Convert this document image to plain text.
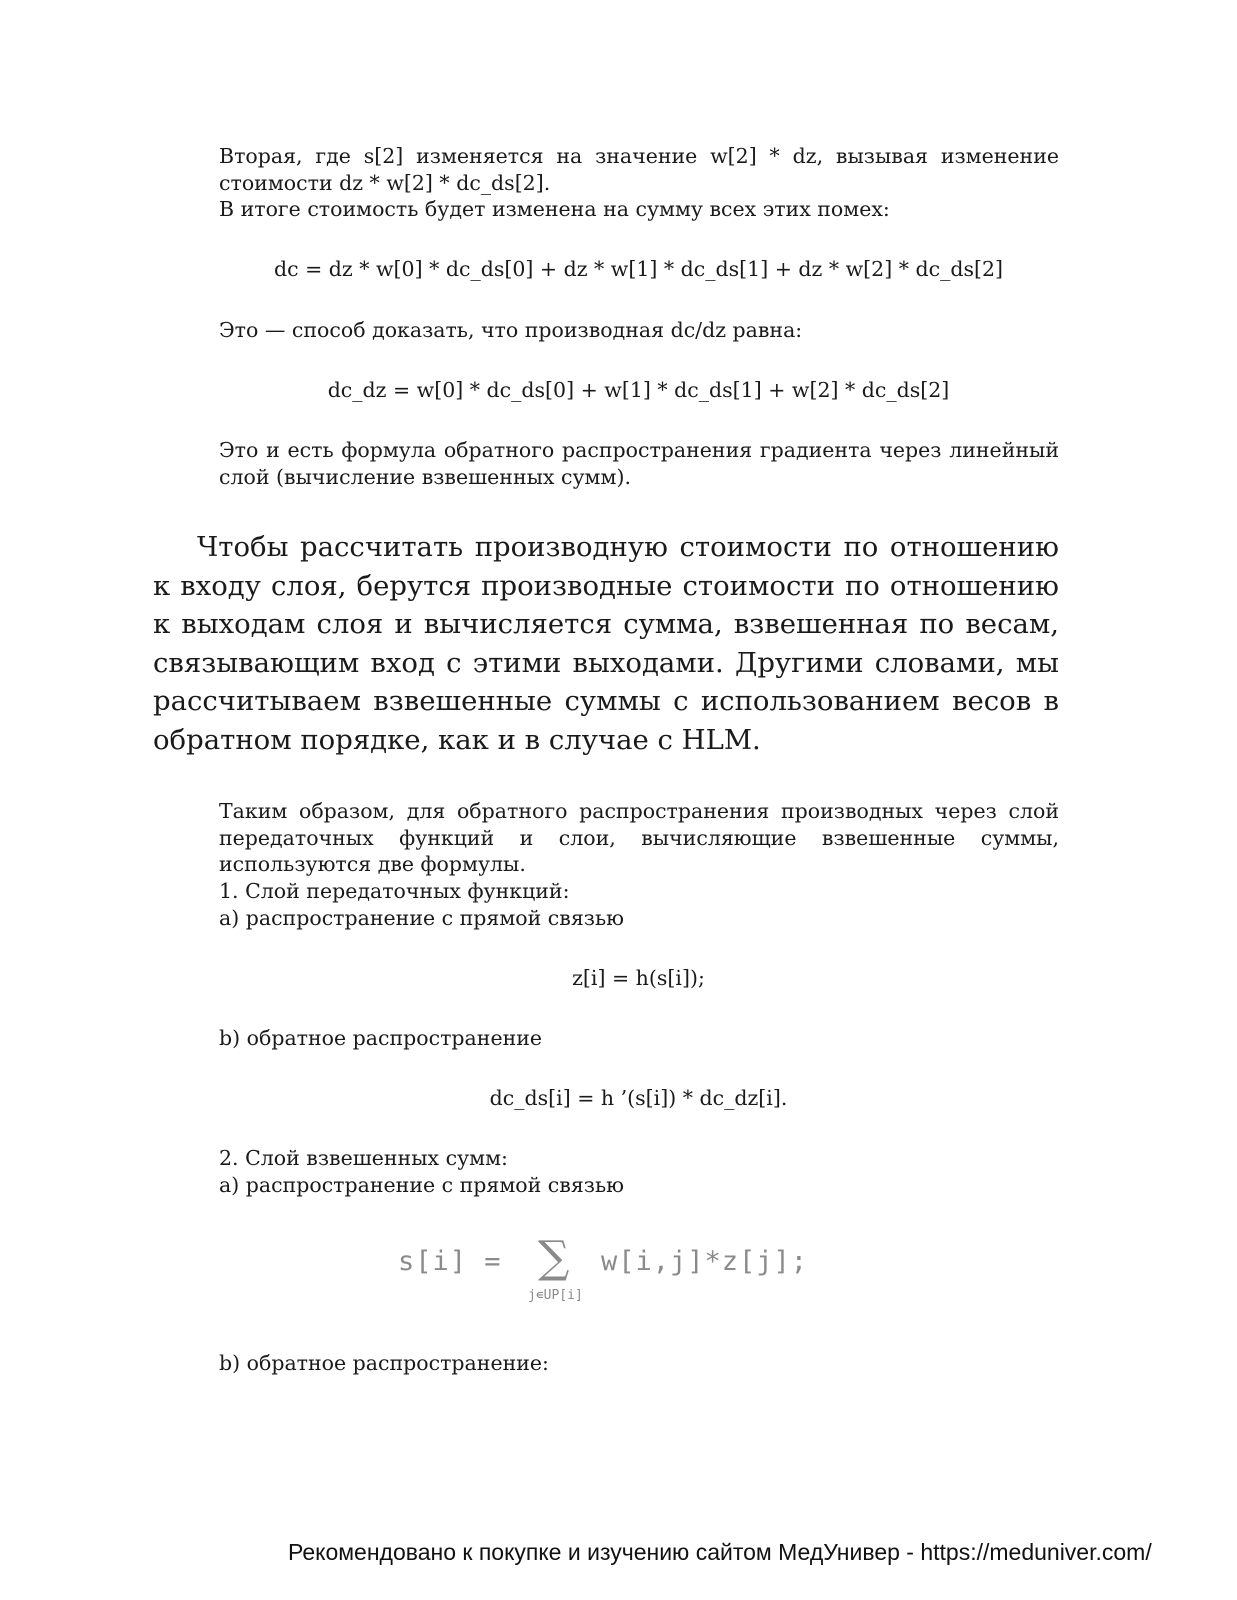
Вторая, где s[2] изменяется на значение w[2] * dz, вызывая изменение стоимости dz * w[2] * dc_ds[2].
В итоге стоимость будет изменена на сумму всех этих помех:

dc = dz * w[0] * dc_ds[0] + dz * w[1] * dc_ds[1] + dz * w[2] * dc_ds[2]

Это — способ доказать, что производная dc/dz равна:

dc_dz = w[0] * dc_ds[0] + w[1] * dc_ds[1] + w[2] * dc_ds[2]

Это и есть формула обратного распространения градиента через линейный слой (вычисление взвешенных сумм).

Чтобы рассчитать производную стоимости по отношению к входу слоя, берутся производные стоимости по отношению к выходам слоя и вычисляется сумма, взвешенная по весам, связывающим вход с этими выходами. Другими словами, мы рассчитываем взвешенные суммы с использованием весов в обратном порядке, как и в случае с HLM.

Таким образом, для обратного распространения производных через слой передаточных функций и слои, вычисляющие взвешенные суммы, используются две формулы.

1. Слой передаточных функций:
a) распространение с прямой связью

z[i] = h(s[i]);

b) обратное распространение

dc_ds[i] = h ’(s[i]) * dc_dz[i].

2. Слой взвешенных сумм:
a) распространение с прямой связью

s[i] = ∑
j∊UP[i]
w[i,j]*z[j];

b) обратное распространение:

Рекомендовано к покупке и изучению сайтом МедУнивер - https://meduniver.com/
